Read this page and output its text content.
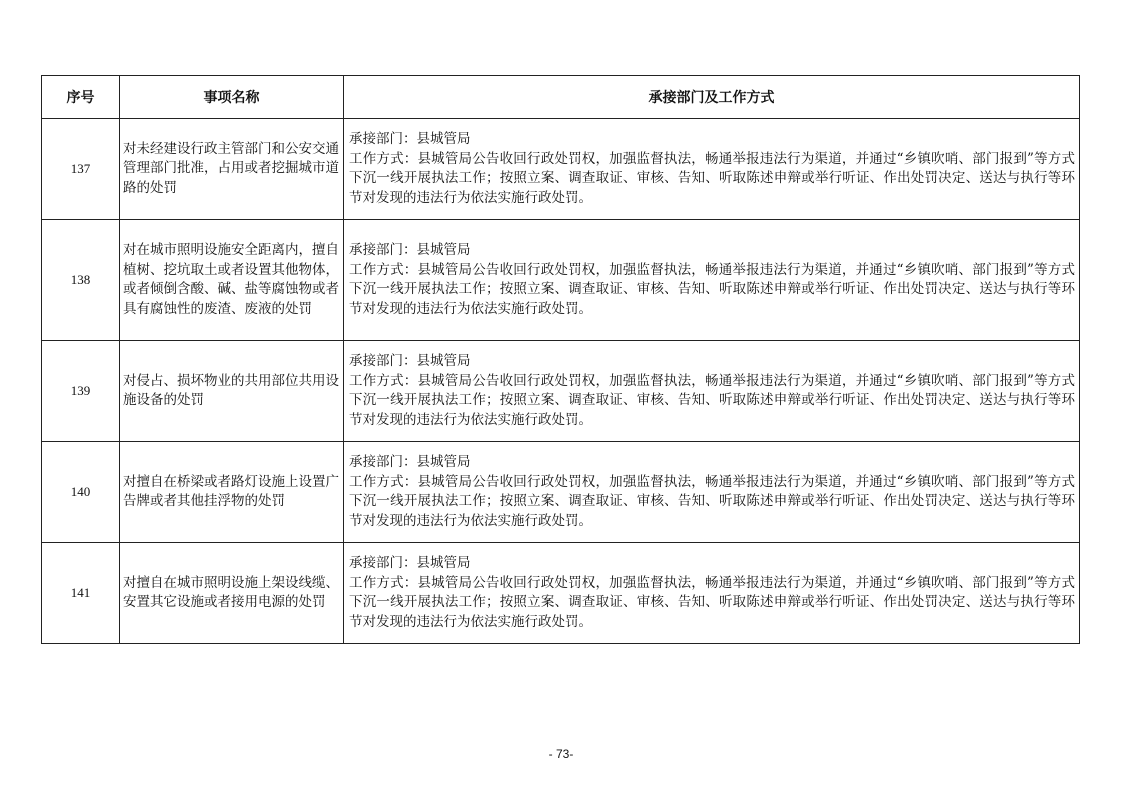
序号	事项名称	承接部门及工作方式
137	对未经建设行政主管部门和公安交通管理部门批准，占用或者挖掘城市道路的处罚	承接部门：县城管局
工作方式：县城管局公告收回行政处罚权，加强监督执法，畅通举报违法行为渠道，并通过“乡镇吹哨、部门报到”等方式下沉一线开展执法工作；按照立案、调查取证、审核、告知、听取陈述申辩或举行听证、作出处罚决定、送达与执行等环节对发现的违法行为依法实施行政处罚。

138	对在城市照明设施安全距离内，擅自植树、挖坑取土或者设置其他物体，或者倾倒含酸、碱、盐等腐蚀物或者具有腐蚀性的废渣、废液的处罚	承接部门：县城管局
工作方式：县城管局公告收回行政处罚权，加强监督执法，畅通举报违法行为渠道，并通过“乡镇吹哨、部门报到”等方式下沉一线开展执法工作；按照立案、调查取证、审核、告知、听取陈述申辩或举行听证、作出处罚决定、送达与执行等环节对发现的违法行为依法实施行政处罚。

139	对侵占、损坏物业的共用部位共用设施设备的处罚	承接部门：县城管局
工作方式：县城管局公告收回行政处罚权，加强监督执法，畅通举报违法行为渠道，并通过“乡镇吹哨、部门报到”等方式下沉一线开展执法工作；按照立案、调查取证、审核、告知、听取陈述申辩或举行听证、作出处罚决定、送达与执行等环节对发现的违法行为依法实施行政处罚。

140	对擅自在桥梁或者路灯设施上设置广告牌或者其他挂浮物的处罚	承接部门：县城管局
工作方式：县城管局公告收回行政处罚权，加强监督执法，畅通举报违法行为渠道，并通过“乡镇吹哨、部门报到”等方式下沉一线开展执法工作；按照立案、调查取证、审核、告知、听取陈述申辩或举行听证、作出处罚决定、送达与执行等环节对发现的违法行为依法实施行政处罚。

141	对擅自在城市照明设施上架设线缆、安置其它设施或者接用电源的处罚	承接部门：县城管局
工作方式：县城管局公告收回行政处罚权，加强监督执法，畅通举报违法行为渠道，并通过“乡镇吹哨、部门报到”等方式下沉一线开展执法工作；按照立案、调查取证、审核、告知、听取陈述申辩或举行听证、作出处罚决定、送达与执行等环节对发现的违法行为依法实施行政处罚。
- 73-
